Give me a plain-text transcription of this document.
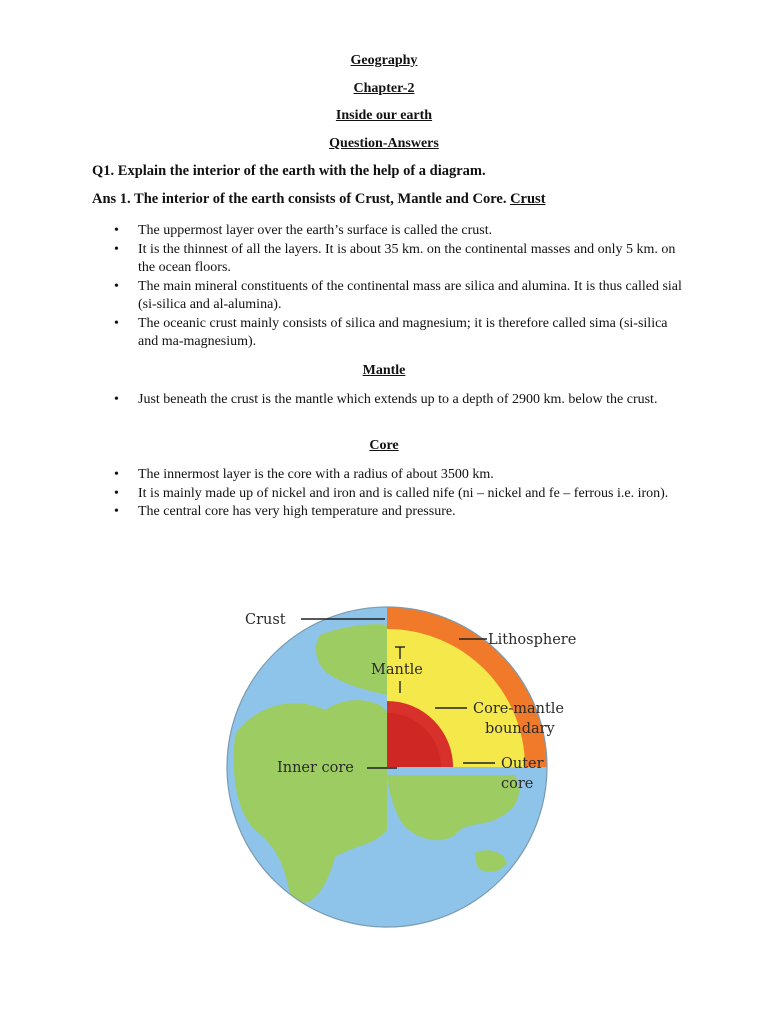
Geography
Chapter-2
Inside our earth
Question-Answers
Q1. Explain the interior of the earth with the help of a diagram.
Ans 1. The interior of the earth consists of Crust, Mantle and Core. Crust
• The uppermost layer over the earth’s surface is called the crust.
• It is the thinnest of all the layers. It is about 35 km. on the continental masses and only 5 km. on the ocean floors.
• The main mineral constituents of the continental mass are silica and alumina. It is thus called sial (si-silica and al-alumina).
• The oceanic crust mainly consists of silica and magnesium; it is therefore called sima (si-silica and ma-magnesium).
Mantle
• Just beneath the crust is the mantle which extends up to a depth of 2900 km. below the crust.
Core
• The innermost layer is the core with a radius of about 3500 km.
• It is mainly made up of nickel and iron and is called nife (ni – nickel and fe – ferrous i.e. iron).
• The central core has very high temperature and pressure.
Crust
Lithosphere
Mantle
Core-mantle
boundary
Inner core	Outer
core
